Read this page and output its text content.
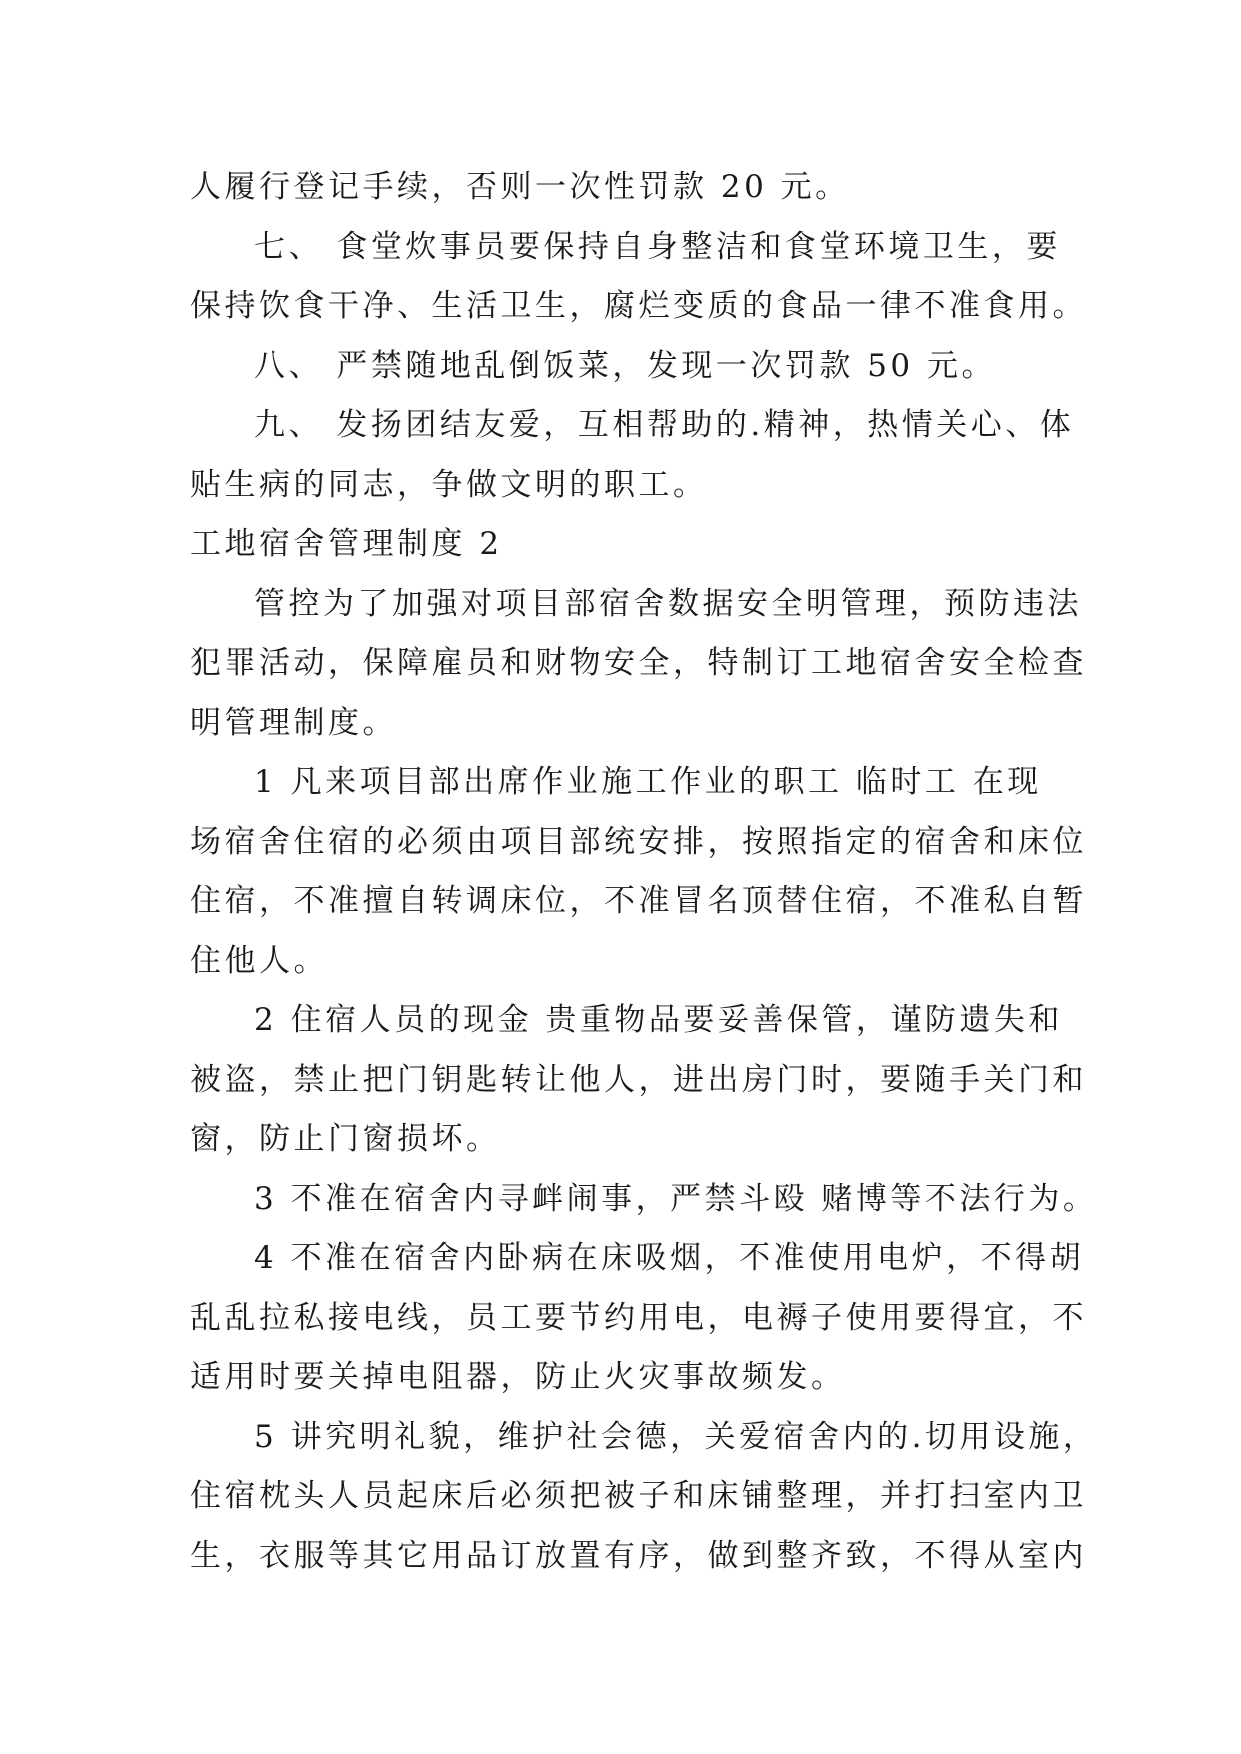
人履行登记手续，否则一次性罚款 20 元。
七、 食堂炊事员要保持自身整洁和食堂环境卫生，要
保持饮食干净、生活卫生，腐烂变质的食品一律不准食用。
八、 严禁随地乱倒饭菜，发现一次罚款 50 元。
九、 发扬团结友爱，互相帮助的.精神，热情关心、体
贴生病的同志，争做文明的职工。
工地宿舍管理制度 2
管控为了加强对项目部宿舍数据安全明管理，预防违法
犯罪活动，保障雇员和财物安全，特制订工地宿舍安全检查
明管理制度。
1 凡来项目部出席作业施工作业的职工 临时工 在现
场宿舍住宿的必须由项目部统安排，按照指定的宿舍和床位
住宿，不准擅自转调床位，不准冒名顶替住宿，不准私自暂
住他人。
2 住宿人员的现金 贵重物品要妥善保管，谨防遗失和
被盗，禁止把门钥匙转让他人，进出房门时，要随手关门和
窗，防止门窗损坏。
3 不准在宿舍内寻衅闹事，严禁斗殴 赌博等不法行为。
4 不准在宿舍内卧病在床吸烟，不准使用电炉，不得胡
乱乱拉私接电线，员工要节约用电，电褥子使用要得宜，不
适用时要关掉电阻器，防止火灾事故频发。
5 讲究明礼貌，维护社会德，关爱宿舍内的.切用设施，
住宿枕头人员起床后必须把被子和床铺整理，并打扫室内卫
生，衣服等其它用品订放置有序，做到整齐致，不得从室内
